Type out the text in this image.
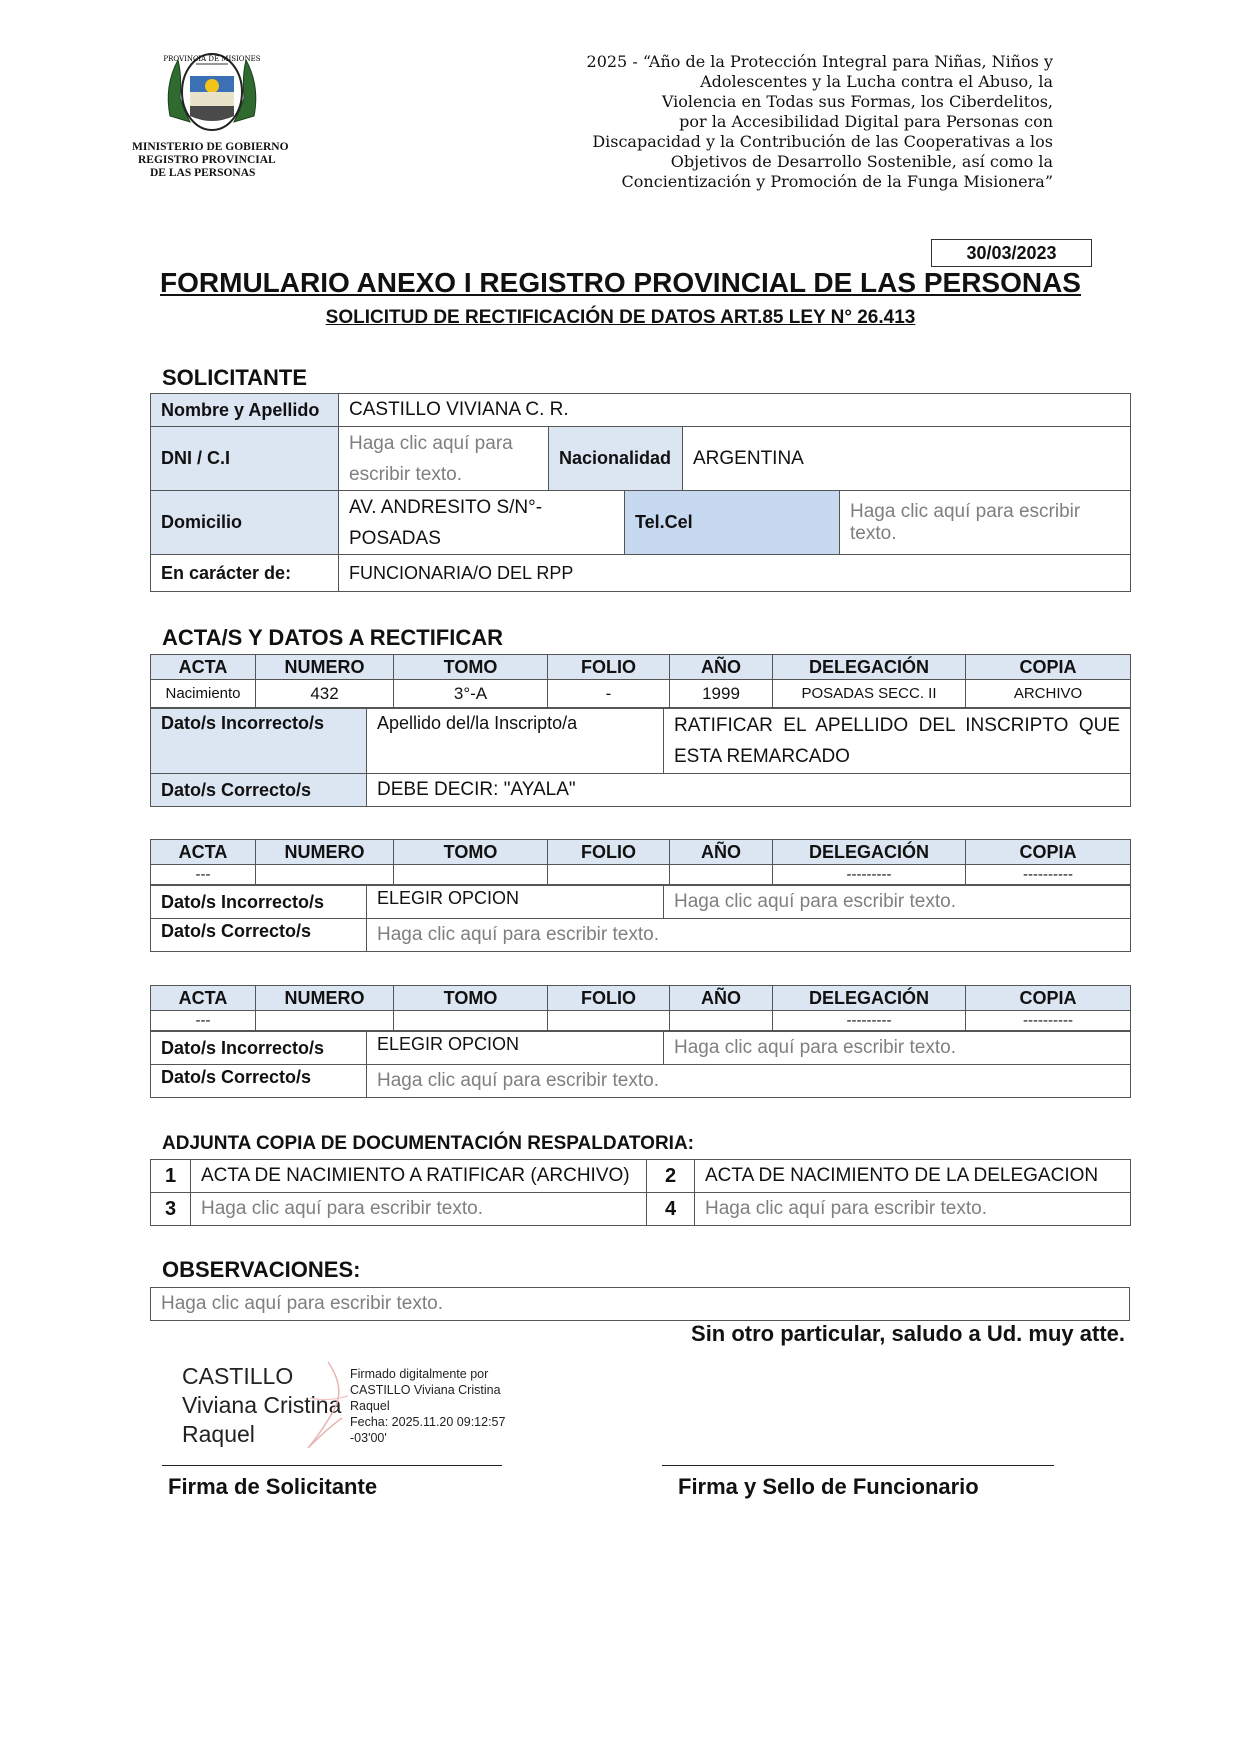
PROVINCIA DE MISIONES
MINISTERIO DE GOBIERNO
REGISTRO PROVINCIAL
DE LAS PERSONAS
2025 - “Año de la Protección Integral para Niñas, Niños y
Adolescentes y la Lucha contra el Abuso, la
Violencia en Todas sus Formas, los Ciberdelitos,
por la Accesibilidad Digital para Personas con
Discapacidad y la Contribución de las Cooperativas a los
Objetivos de Desarrollo Sostenible, así como la
Concientización y Promoción de la Funga Misionera”
30/03/2023
FORMULARIO ANEXO I REGISTRO PROVINCIAL DE LAS PERSONAS
SOLICITUD DE RECTIFICACIÓN DE DATOS ART.85 LEY N° 26.413
SOLICITANTE
Nombre y Apellido	CASTILLO VIVIANA C. R.				
DNI / C.I	Haga clic aquí para escribir texto.	Nacionalidad		ARGENTINA	
Domicilio	AV. ANDRESITO S/N°- POSADAS		Tel.Cel		Haga clic aquí para escribir texto.
En carácter de:	FUNCIONARIA/O DEL RPP				
ACTA/S Y DATOS A RECTIFICAR
ACTA	NUMERO	TOMO	FOLIO	AÑO	DELEGACIÓN	COPIA
Nacimiento	432	3°-A	-	1999	POSADAS SECC. II	ARCHIVO
Dato/s Incorrecto/s	Apellido del/la Inscripto/a	RATIFICAR EL APELLIDO DEL INSCRIPTO QUE ESTA REMARCADO
Dato/s Correcto/s	DEBE DECIR: "AYALA"	
ACTA	NUMERO	TOMO	FOLIO	AÑO	DELEGACIÓN	COPIA
---					---------	----------
Dato/s Incorrecto/s	ELEGIR OPCION	Haga clic aquí para escribir texto.
Dato/s Correcto/s	Haga clic aquí para escribir texto.	
ACTA	NUMERO	TOMO	FOLIO	AÑO	DELEGACIÓN	COPIA
---					---------	----------
Dato/s Incorrecto/s	ELEGIR OPCION	Haga clic aquí para escribir texto.
Dato/s Correcto/s	Haga clic aquí para escribir texto.	
ADJUNTA COPIA DE DOCUMENTACIÓN RESPALDATORIA:
1	ACTA DE NACIMIENTO A RATIFICAR (ARCHIVO)	2	ACTA DE NACIMIENTO DE LA DELEGACION
3	Haga clic aquí para escribir texto.	4	Haga clic aquí para escribir texto.
OBSERVACIONES:
Haga clic aquí para escribir texto.
Sin otro particular, saludo a Ud. muy atte.
CASTILLO
Viviana Cristina
Raquel
Firmado digitalmente por
CASTILLO Viviana Cristina
Raquel
Fecha: 2025.11.20 09:12:57
-03'00'
Firma de Solicitante	Firma y Sello de Funcionario
